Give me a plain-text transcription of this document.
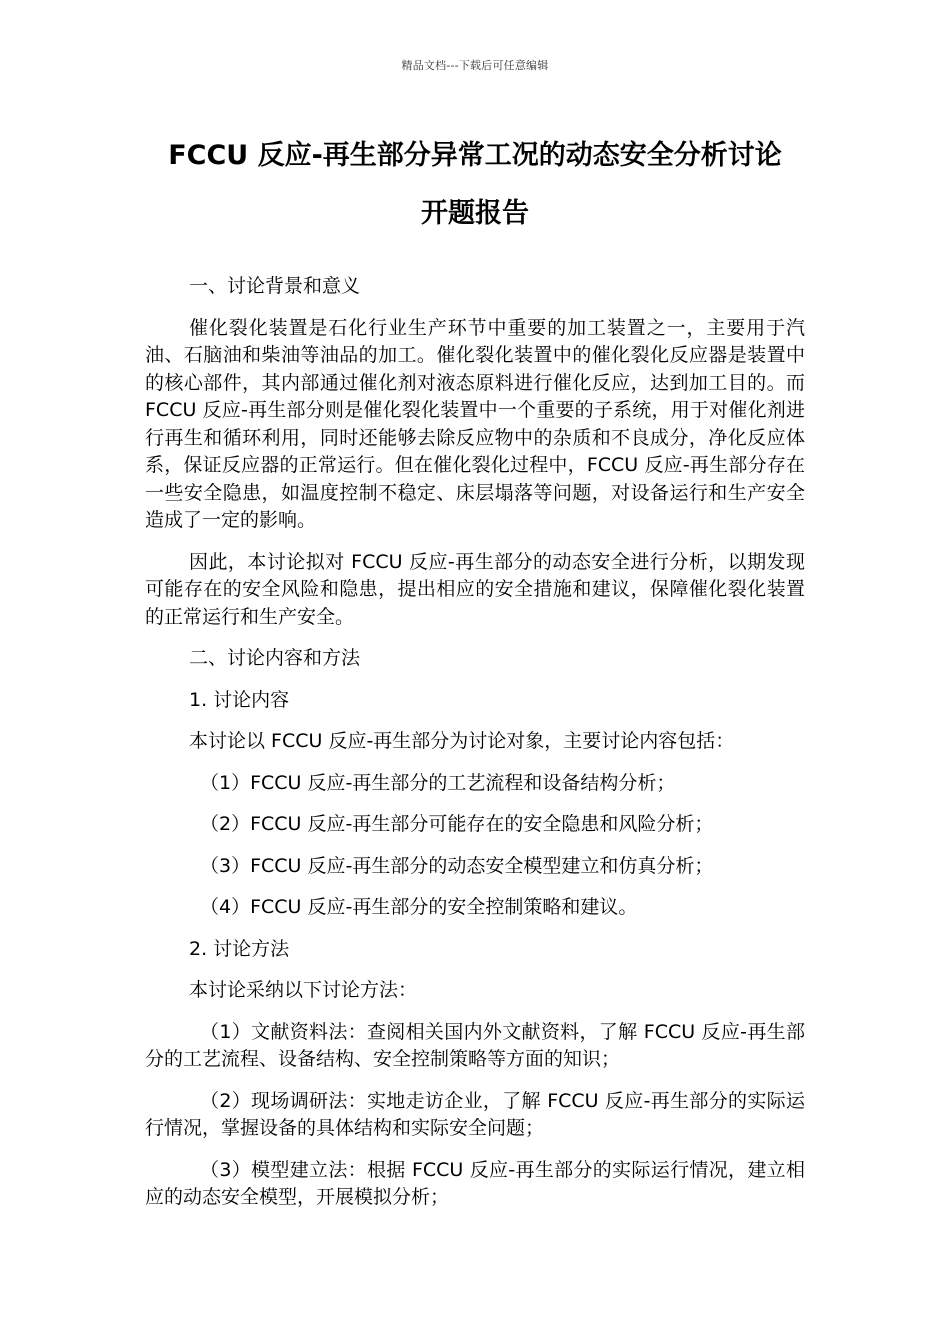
精品文档---下载后可任意编辑
FCCU 反应-再生部分异常工况的动态安全分析讨论
开题报告

一、讨论背景和意义

催化裂化装置是石化行业生产环节中重要的加工装置之一，主要用于汽油、石脑油和柴油等油品的加工。催化裂化装置中的催化裂化反应器是装置中的核心部件，其内部通过催化剂对液态原料进行催化反应，达到加工目的。而 FCCU 反应-再生部分则是催化裂化装置中一个重要的子系统，用于对催化剂进行再生和循环利用，同时还能够去除反应物中的杂质和不良成分，净化反应体系，保证反应器的正常运行。但在催化裂化过程中，FCCU 反应-再生部分存在一些安全隐患，如温度控制不稳定、床层塌落等问题，对设备运行和生产安全造成了一定的影响。

因此，本讨论拟对 FCCU 反应-再生部分的动态安全进行分析，以期发现可能存在的安全风险和隐患，提出相应的安全措施和建议，保障催化裂化装置的正常运行和生产安全。

二、讨论内容和方法

1. 讨论内容

本讨论以 FCCU 反应-再生部分为讨论对象，主要讨论内容包括：

（1）FCCU 反应-再生部分的工艺流程和设备结构分析；

（2）FCCU 反应-再生部分可能存在的安全隐患和风险分析；

（3）FCCU 反应-再生部分的动态安全模型建立和仿真分析；

（4）FCCU 反应-再生部分的安全控制策略和建议。

2. 讨论方法

本讨论采纳以下讨论方法：

（1）文献资料法：查阅相关国内外文献资料，了解 FCCU 反应-再生部分的工艺流程、设备结构、安全控制策略等方面的知识；

（2）现场调研法：实地走访企业，了解 FCCU 反应-再生部分的实际运行情况，掌握设备的具体结构和实际安全问题；

（3）模型建立法：根据 FCCU 反应-再生部分的实际运行情况，建立相应的动态安全模型，开展模拟分析；
